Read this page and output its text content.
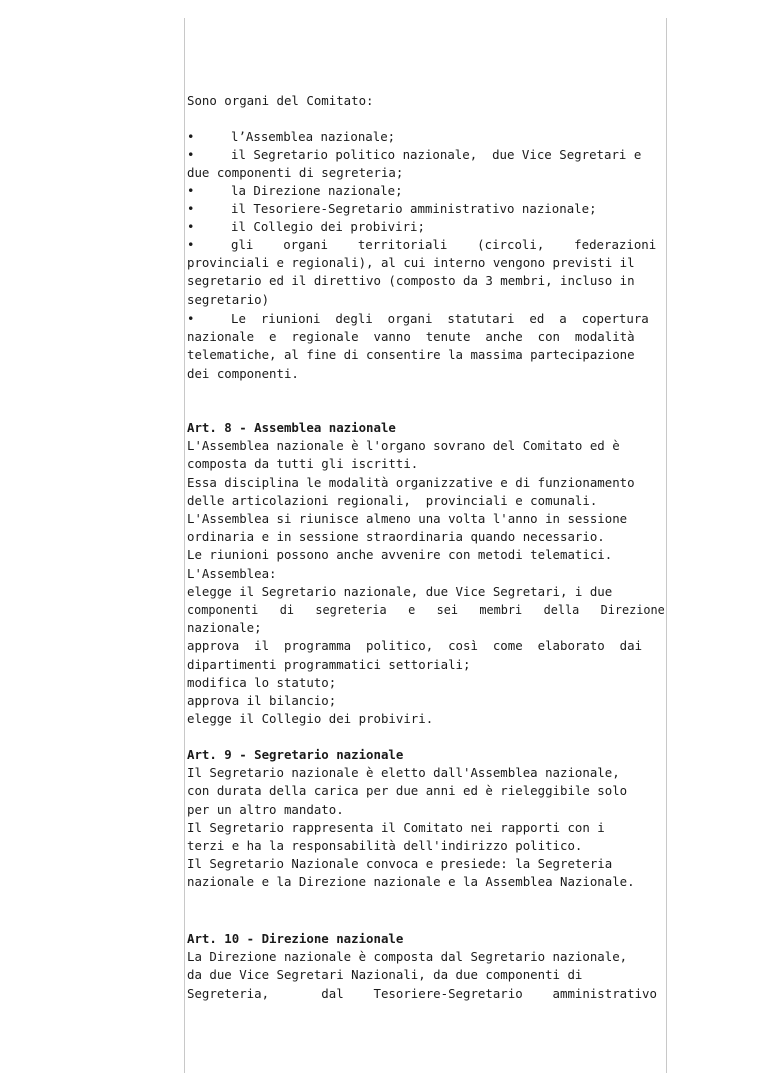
Sono organi del Comitato:
•	l’Assemblea nazionale;
•	il Segretario politico nazionale,  due Vice Segretari e
due componenti di segreteria;
•	la Direzione nazionale;
•	il Tesoriere-Segretario amministrativo nazionale;
•	il Collegio dei probiviri;
•	gli    organi    territoriali    (circoli,    federazioni
provinciali e regionali), al cui interno vengono previsti il
segretario ed il direttivo (composto da 3 membri, incluso in
segretario)
•	Le  riunioni  degli  organi  statutari  ed  a  copertura
nazionale  e  regionale  vanno  tenute  anche  con  modalità
telematiche, al fine di consentire la massima partecipazione
dei componenti.
Art. 8 - Assemblea nazionale
L'Assemblea nazionale è l'organo sovrano del Comitato ed è
composta da tutti gli iscritti.
Essa disciplina le modalità organizzative e di funzionamento
delle articolazioni regionali,  provinciali e comunali.
L'Assemblea si riunisce almeno una volta l'anno in sessione
ordinaria e in sessione straordinaria quando necessario.
Le riunioni possono anche avvenire con metodi telematici.
L'Assemblea:
elegge il Segretario nazionale, due Vice Segretari, i due
componenti   di   segreteria   e   sei   membri   della   Direzione
nazionale;
approva  il  programma  politico,  così  come  elaborato  dai
dipartimenti programmatici settoriali;
modifica lo statuto;
approva il bilancio;
elegge il Collegio dei probiviri.
Art. 9 - Segretario nazionale
Il Segretario nazionale è eletto dall'Assemblea nazionale,
con durata della carica per due anni ed è rieleggibile solo
per un altro mandato.
Il Segretario rappresenta il Comitato nei rapporti con i
terzi e ha la responsabilità dell'indirizzo politico.
Il Segretario Nazionale convoca e presiede: la Segreteria
nazionale e la Direzione nazionale e la Assemblea Nazionale.
Art. 10 - Direzione nazionale
La Direzione nazionale è composta dal Segretario nazionale,
da due Vice Segretari Nazionali, da due componenti di
Segreteria,       dal    Tesoriere-Segretario    amministrativo
